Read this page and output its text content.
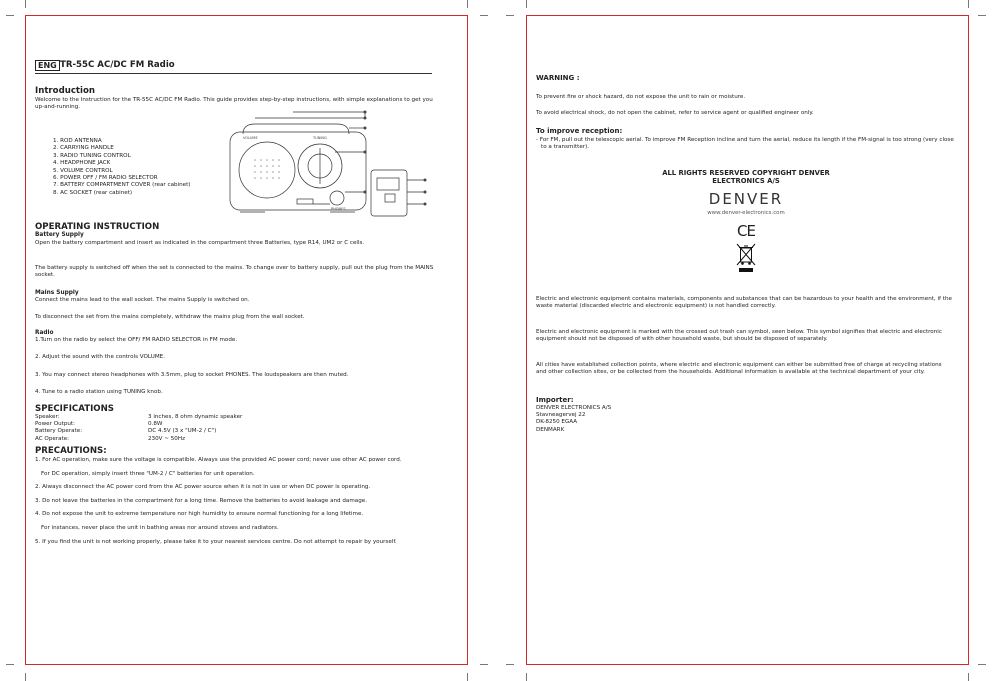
ENG TR-55C AC/DC FM Radio
Introduction

Welcome to the Instruction for the TR-55C AC/DC FM Radio. This guide provides step-by-step instructions, with simple explanations to get you up-and-running.

1. ROD ANTENNA
2. CARRYING HANDLE
3. RADIO TUNING CONTROL
4. HEADPHONE JACK
5. VOLUME CONTROL
6. POWER OFF / FM RADIO SELECTOR
7. BATTERY COMPARTMENT COVER (rear cabinet)
8. AC SOCKET (rear cabinet)
VOLUME	TUNING
PHONES
OPERATING INSTRUCTION
Battery Supply

Open the battery compartment and insert as indicated in the compartment three Batteries, type R14, UM2 or C cells.

The battery supply is switched off when the set is connected to the mains. To change over to battery supply, pull out the plug from the MAINS socket.

Mains Supply

Connect the mains lead to the wall socket. The mains Supply is switched on.

To disconnect the set from the mains completely, withdraw the mains plug from the wall socket.

Radio

1.Turn on the radio by select the OFF/ FM RADIO SELECTOR in FM mode.

2. Adjust the sound with the controls VOLUME.

3. You may connect stereo headphones with 3.5mm, plug to socket PHONES. The loudspeakers are then muted.

4. Tune to a radio station using TUNING knob.

SPECIFICATIONS
Speaker:	3 inches, 8 ohm dynamic speaker
Power Output:	0.8W
Battery Operate:	DC 4.5V (3 x "UM-2 / C")
AC Operate:	230V ~ 50Hz
PRECAUTIONS:
1. For AC operation, make sure the voltage is compatible. Always use the provided AC power cord; never use other AC power cord.
For DC operation, simply insert three "UM-2 / C" batteries for unit operation.
2. Always disconnect the AC power cord from the AC power source when it is not in use or when DC power is operating.
3. Do not leave the batteries in the compartment for a long time. Remove the batteries to avoid leakage and damage.
4. Do not expose the unit to extreme temperature nor high humidity to ensure normal functioning for a long lifetime.
For instances, never place the unit in bathing areas nor around stoves and radiators.
5. If you find the unit is not working properly, please take it to your nearest services centre. Do not attempt to repair by yourself.
WARNING :

To prevent fire or shock hazard, do not expose the unit to rain or moisture.

To avoid electrical shock, do not open the cabinet, refer to service agent or qualified engineer only.

To improve reception:

- For FM, pull out the telescopic aerial. To improve FM Reception incline and turn the aerial, reduce its length if the FM-signal is too strong (very close to a transmitter).

ALL RIGHTS RESERVED COPYRIGHT DENVER
ELECTRONICS A/S
DENVER
www.denver-electronics.com
CE

Electric and electronic equipment contains materials, components and substances that can be hazardous to your health and the environment, if the waste material (discarded electric and electronic equipment) is not handled correctly.

Electric and electronic equipment is marked with the crossed out trash can symbol, seen below. This symbol signifies that electric and electronic equipment should not be disposed of with other household waste, but should be disposed of separately.

All cities have established collection points, where electric and electronic equipment can either be submitted free of charge at recycling stations and other collection sites, or be collected from the households. Additional information is available at the technical department of your city.

Importer:
DENVER ELECTRONICS A/S
Stavneagervej 22
DK-8250 EGAA
DENMARK
